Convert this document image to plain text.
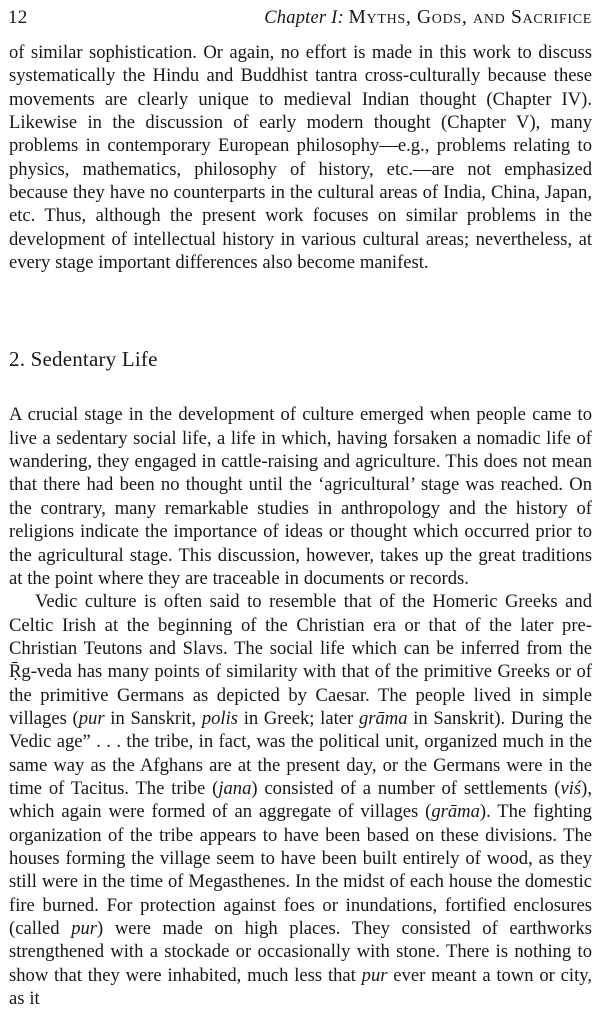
12	Chapter I: Myths, Gods, and Sacrifice

of similar sophistication. Or again, no effort is made in this work to discuss systematically the Hindu and Buddhist tantra cross-culturally because these movements are clearly unique to medieval Indian thought (Chapter IV). Likewise in the discussion of early modern thought (Chapter V), many problems in contemporary European philosophy—e.g., problems relating to physics, mathematics, philosophy of history, etc.—are not emphasized because they have no counterparts in the cultural areas of India, China, Japan, etc. Thus, although the present work focuses on similar problems in the development of intellectual history in various cultural areas; nevertheless, at every stage important differences also become manifest.

2. Sedentary Life

A crucial stage in the development of culture emerged when people came to live a sedentary social life, a life in which, having forsaken a nomadic life of wandering, they engaged in cattle-raising and agriculture. This does not mean that there had been no thought until the ‘agricultural’ stage was reached. On the contrary, many remarkable studies in anthropology and the history of religions indicate the importance of ideas or thought which occurred prior to the agricultural stage. This discussion, however, takes up the great traditions at the point where they are traceable in documents or records.

Vedic culture is often said to resemble that of the Homeric Greeks and Celtic Irish at the beginning of the Christian era or that of the later pre-Christian Teutons and Slavs. The social life which can be inferred from the Ṝg-veda has many points of similarity with that of the primitive Greeks or of the primitive Germans as depicted by Caesar. The people lived in simple villages (pur in Sanskrit, polis in Greek; later grāma in Sanskrit). During the Vedic age” . . . the tribe, in fact, was the political unit, organized much in the same way as the Afghans are at the present day, or the Germans were in the time of Tacitus. The tribe (jana) consisted of a number of settlements (viś), which again were formed of an aggregate of villages (grāma). The fighting organization of the tribe appears to have been based on these divisions. The houses forming the village seem to have been built entirely of wood, as they still were in the time of Megasthenes. In the midst of each house the domestic fire burned. For protection against foes or inundations, fortified enclosures (called pur) were made on high places. They consisted of earthworks strengthened with a stockade or occasionally with stone. There is nothing to show that they were inhabited, much less that pur ever meant a town or city, as it
